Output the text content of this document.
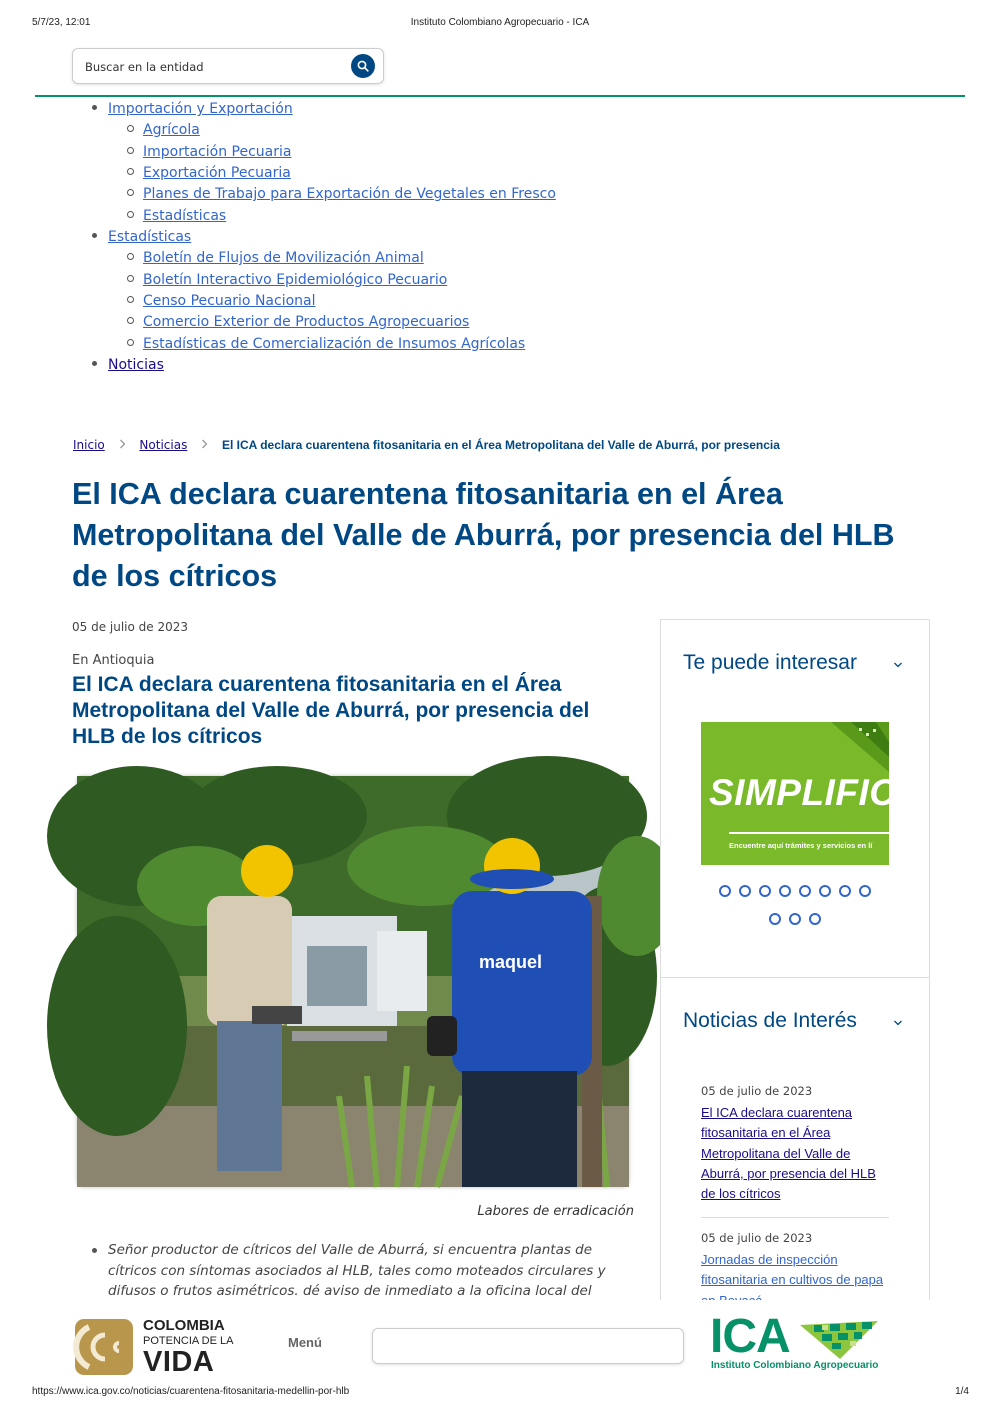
5/7/23, 12:01	Instituto Colombiano Agropecuario - ICA
Buscar en la entidad
Importación y Exportación
Agrícola
Importación Pecuaria
Exportación Pecuaria
Planes de Trabajo para Exportación de Vegetales en Fresco
Estadísticas
Estadísticas
Boletín de Flujos de Movilización Animal
Boletín Interactivo Epidemiológico Pecuario
Censo Pecuario Nacional
Comercio Exterior de Productos Agropecuarios
Estadísticas de Comercialización de Insumos Agrícolas
Noticias
Inicio	Noticias	El ICA declara cuarentena fitosanitaria en el Área Metropolitana del Valle de Aburrá, por presencia
El ICA declara cuarentena fitosanitaria en el Área Metropolitana del Valle de Aburrá, por presencia del HLB de los cítricos
05 de julio de 2023
En Antioquia
El ICA declara cuarentena fitosanitaria en el Área Metropolitana del Valle de Aburrá, por presencia del HLB de los cítricos
maquel
Labores de erradicación
Señor productor de cítricos del Valle de Aburrá, si encuentra plantas de cítricos con síntomas asociados al HLB, tales como moteados circulares y difusos o frutos asimétricos. dé aviso de inmediato a la oficina local del
Te puede interesar
SIMPLIFIC
Encuentre aquí trámites y servicios en lí
Noticias de Interés
05 de julio de 2023
El ICA declara cuarentena fitosanitaria en el Área Metropolitana del Valle de Aburrá, por presencia del HLB de los cítricos
05 de julio de 2023
Jornadas de inspección fitosanitaria en cultivos de papa
COLOMBIA
POTENCIA DE LA
VIDA
Menú	ICA
Instituto Colombiano Agropecuario
https://www.ica.gov.co/noticias/cuarentena-fitosanitaria-medellin-por-hlb	1/4
